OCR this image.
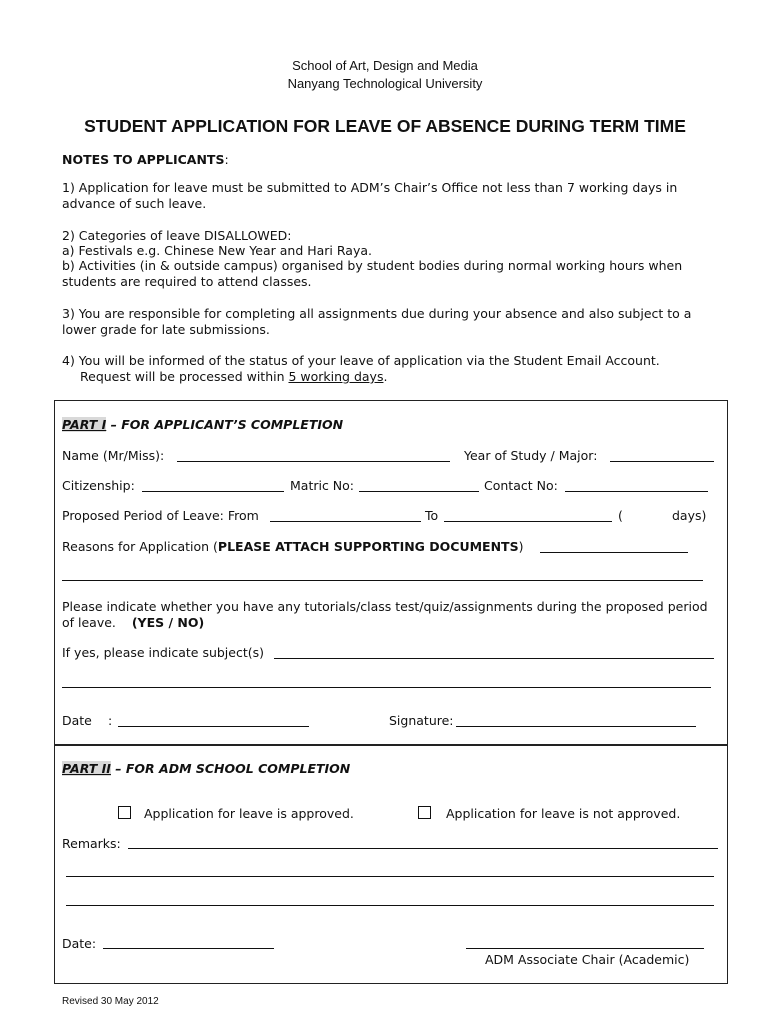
School of Art, Design and Media
Nanyang Technological University
STUDENT APPLICATION FOR LEAVE OF ABSENCE DURING TERM TIME
NOTES TO APPLICANTS:
1) Application for leave must be submitted to ADM’s Chair’s Office not less than 7 working days in
advance of such leave.
2) Categories of leave DISALLOWED:
a) Festivals e.g. Chinese New Year and Hari Raya.
b) Activities (in & outside campus) organised by student bodies during normal working hours when
students are required to attend classes.
3) You are responsible for completing all assignments due during your absence and also subject to a
lower grade for late submissions.
4) You will be informed of the status of your leave of application via the Student Email Account.
Request will be processed within 5 working days.
PART I – FOR APPLICANT’S COMPLETION
Name (Mr/Miss):	Year of Study / Major:
Citizenship:	Matric No:	Contact No:
Proposed Period of Leave: From	To	(	days)
Reasons for Application (PLEASE ATTACH SUPPORTING DOCUMENTS)
Please indicate whether you have any tutorials/class test/quiz/assignments during the proposed period
of leave. (YES / NO)
If yes, please indicate subject(s)
Date :	Signature:
PART II – FOR ADM SCHOOL COMPLETION
Application for leave is approved.	Application for leave is not approved.
Remarks:
Date:
ADM Associate Chair (Academic)
Revised 30 May 2012
